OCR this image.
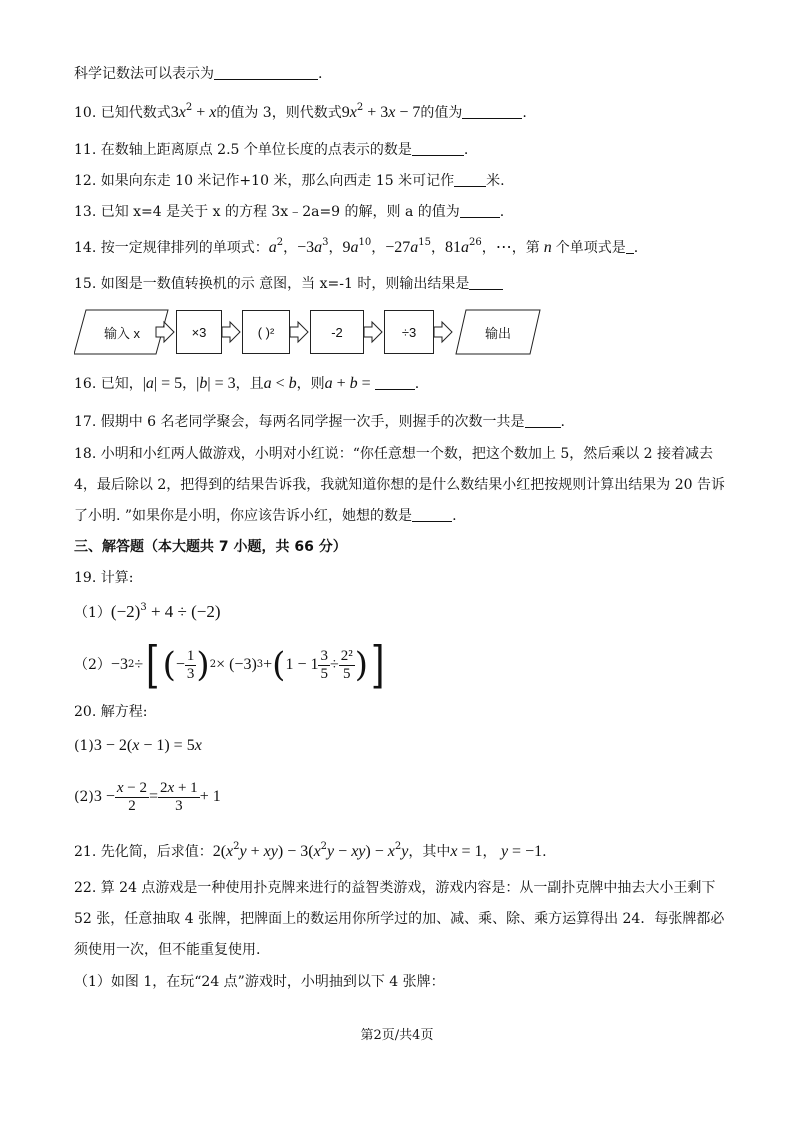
科学记数法可以表示为	.
10. 已知代数式$3x^2 + x$的值为 3，则代数式$9x^2 + 3x - 7$的值为	.
11. 在数轴上距离原点 2.5 个单位长度的点表示的数是	.
12. 如果向东走 10 米记作+10 米，那么向西走 15 米可记作 米.
13. 已知 x=4 是关于 x 的方程 3x﹣2a=9 的解，则 a 的值为	.
14. 按一定规律排列的单项式：$a^2$，$-3a^3$，$9a^{10}$，$-27a^{15}$，$81a^{26}$，⋯，第 n 个单项式是 .
15. 如图是一数值转换机的示 意图，当 x=-1 时，则输出结果是
输入 x	×3	( )²	-2	÷3	输出
16. 已知，|a| = 5，|b| = 3，且a < b，则a + b =	.
17. 假期中 6 名老同学聚会，每两名同学握一次手，则握手的次数一共是	.
18. 小明和小红两人做游戏，小明对小红说：“你任意想一个数，把这个数加上 5，然后乘以 2 接着减去
4，最后除以 2，把得到的结果告诉我，我就知道你想的是什么数结果小红把按规则计算出结果为 20 告诉
了小明. ”如果你是小明，你应该告诉小红，她想的数是	.
三、解答题（本大题共 7 小题，共 66 分）
19. 计算:
$(1)(-2)^3 + 4 \div (-2)$
（2） −3 2 ÷ [ ( − $\frac{1}{3}$ ) 2 × (−3) 3 + ( $1 - 1 \frac{3}{5} \div \frac{\text{2²}}{5}$ ) ]
20. 解方程:
(1)3 − 2(x − 1) = 5x
(2) $3 - \frac{x - 2}{2} = \frac{2x + 1}{3} + 1$
21. 先化简，后求值：$2(x^2y + xy) - 3(x^2y - xy) - x^2y$，其中x = 1， y = −1.
22. 算 24 点游戏是一种使用扑克牌来进行的益智类游戏，游戏内容是：从一副扑克牌中抽去大小王剩下
52 张，任意抽取 4 张牌，把牌面上的数运用你所学过的加、减、乘、除、乘方运算得出 24．每张牌都必
须使用一次，但不能重复使用.
（1）如图 1，在玩“24 点”游戏时，小明抽到以下 4 张牌：
第2页/共4页
